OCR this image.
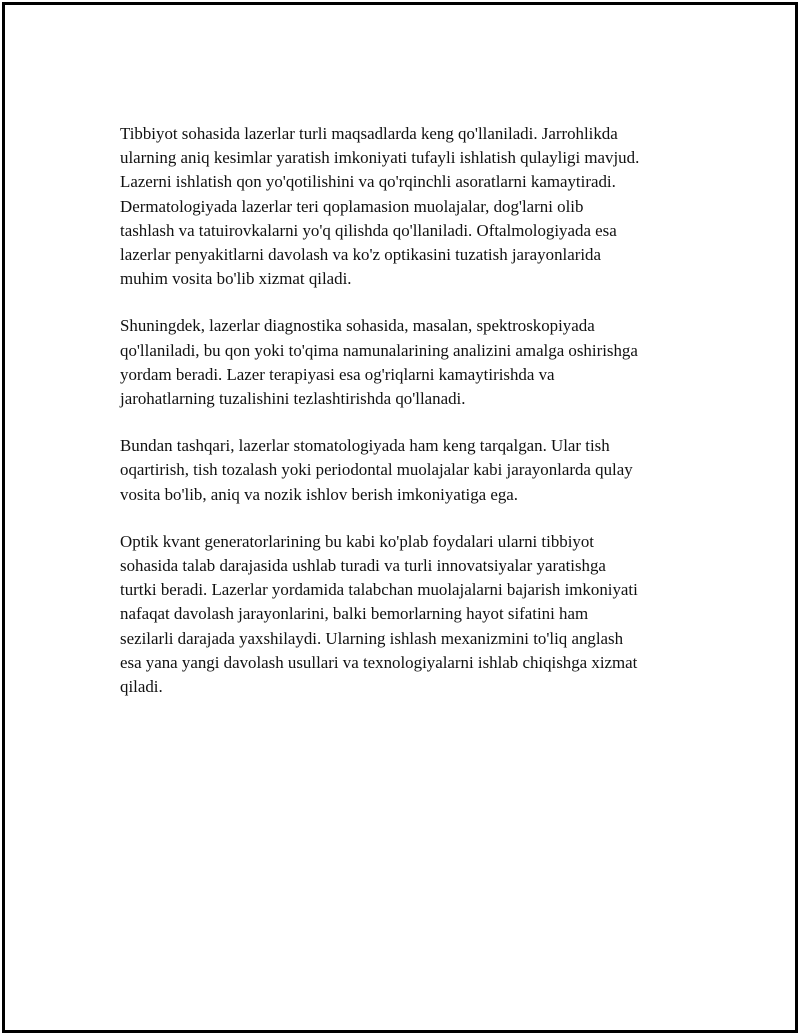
Tibbiyot sohasida lazerlar turli maqsadlarda keng qo'llaniladi. Jarrohlikda
ularning aniq kesimlar yaratish imkoniyati tufayli ishlatish qulayligi mavjud.
Lazerni ishlatish qon yo'qotilishini va qo'rqinchli asoratlarni kamaytiradi.
Dermatologiyada lazerlar teri qoplamasion muolajalar, dog'larni olib
tashlash va tatuirovkalarni yo'q qilishda qo'llaniladi. Oftalmologiyada esa
lazerlar penyakitlarni davolash va ko'z optikasini tuzatish jarayonlarida
muhim vosita bo'lib xizmat qiladi.

Shuningdek, lazerlar diagnostika sohasida, masalan, spektroskopiyada
qo'llaniladi, bu qon yoki to'qima namunalarining analizini amalga oshirishga
yordam beradi. Lazer terapiyasi esa og'riqlarni kamaytirishda va
jarohatlarning tuzalishini tezlashtirishda qo'llanadi.

Bundan tashqari, lazerlar stomatologiyada ham keng tarqalgan. Ular tish
oqartirish, tish tozalash yoki periodontal muolajalar kabi jarayonlarda qulay
vosita bo'lib, aniq va nozik ishlov berish imkoniyatiga ega.

Optik kvant generatorlarining bu kabi ko'plab foydalari ularni tibbiyot
sohasida talab darajasida ushlab turadi va turli innovatsiyalar yaratishga
turtki beradi. Lazerlar yordamida talabchan muolajalarni bajarish imkoniyati
nafaqat davolash jarayonlarini, balki bemorlarning hayot sifatini ham
sezilarli darajada yaxshilaydi. Ularning ishlash mexanizmini to'liq anglash
esa yana yangi davolash usullari va texnologiyalarni ishlab chiqishga xizmat
qiladi.
